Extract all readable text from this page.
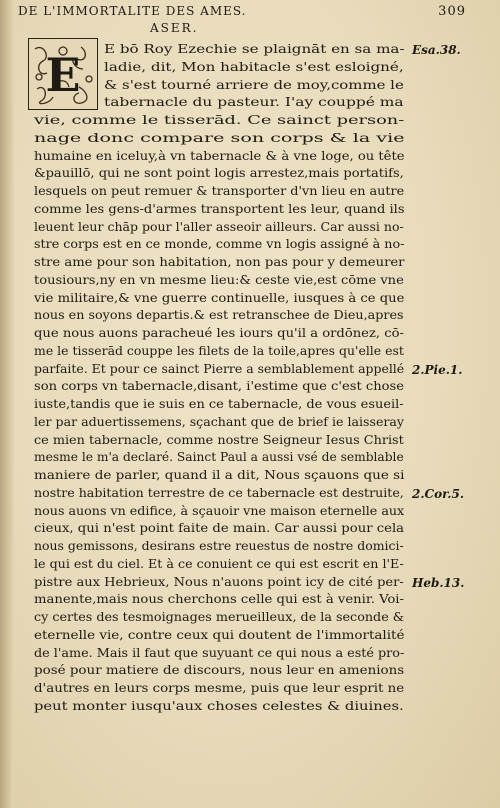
DE L'IMMORTALITE DES AMES.	309
ASER.
E E bō Roy Ezechie se plaignāt en sa ma-
ladie, dit, Mon habitacle s'est esloigné,
& s'est tourné arriere de moy,comme le
tabernacle du pasteur. I'ay couppé ma
vie, comme le tisserād. Ce sainct person-
nage donc compare son corps & la vie
humaine en iceluy,à vn tabernacle & à vne loge, ou tête
&pauillō, qui ne sont point logis arrestez,mais portatifs,
lesquels on peut remuer & transporter d'vn lieu en autre
comme les gens-d'armes transportent les leur, quand ils
leuent leur chāp pour l'aller asseoir ailleurs. Car aussi no-
stre corps est en ce monde, comme vn logis assigné à no-
stre ame pour son habitation, non pas pour y demeurer
tousiours,ny en vn mesme lieu:& ceste vie,est cōme vne
vie militaire,& vne guerre continuelle, iusques à ce que
nous en soyons departis.& est retranschee de Dieu,apres
que nous auons paracheué les iours qu'il a ordōnez, cō-
me le tisserād couppe les filets de la toile,apres qu'elle est
parfaite. Et pour ce sainct Pierre a semblablement appellé
son corps vn tabernacle,disant, i'estime que c'est chose
iuste,tandis que ie suis en ce tabernacle, de vous esueil-
ler par aduertissemens, sçachant que de brief ie laisseray
ce mien tabernacle, comme nostre Seigneur Iesus Christ
mesme le m'a declaré. Sainct Paul a aussi vsé de semblable
maniere de parler, quand il a dit, Nous sçauons que si
nostre habitation terrestre de ce tabernacle est destruite,
nous auons vn edifice, à sçauoir vne maison eternelle aux
cieux, qui n'est point faite de main. Car aussi pour cela
nous gemissons, desirans estre reuestus de nostre domici-
le qui est du ciel. Et à ce conuient ce qui est escrit en l'E-
pistre aux Hebrieux, Nous n'auons point icy de cité per-
manente,mais nous cherchons celle qui est à venir. Voi-
cy certes des tesmoignages merueilleux, de la seconde &
eternelle vie, contre ceux qui doutent de l'immortalité
de l'ame. Mais il faut que suyuant ce qui nous a esté pro-
posé pour matiere de discours, nous leur en amenions
d'autres en leurs corps mesme, puis que leur esprit ne
peut monter iusqu'aux choses celestes & diuines.
Esa.38.
2.Pie.1.
2.Cor.5.
Heb.13.
